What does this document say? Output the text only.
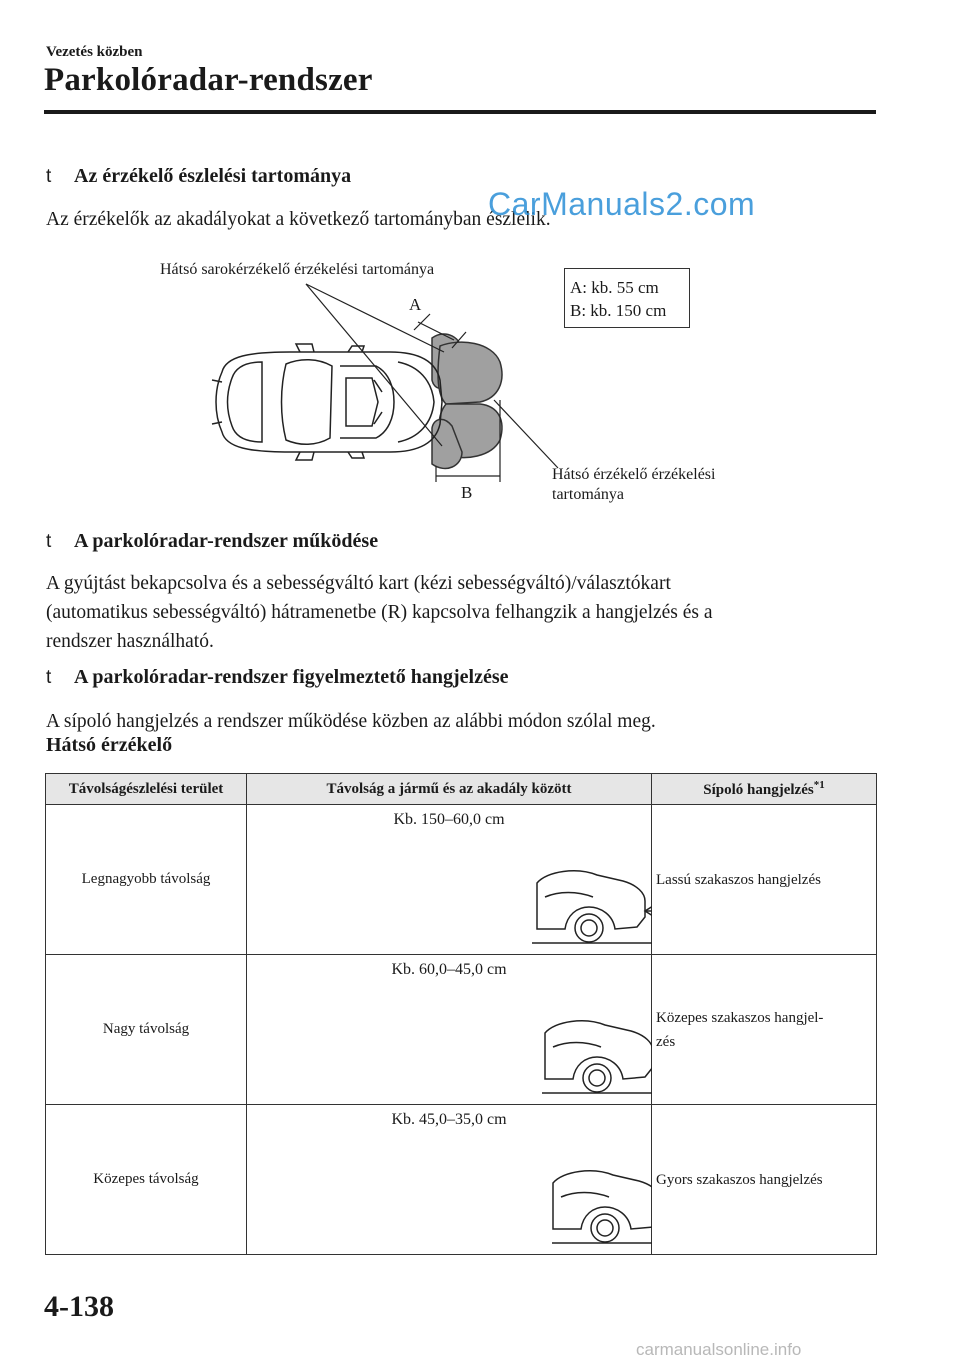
Vezetés közben
Parkolóradar-rendszer
t	Az érzékelő észlelési tartománya
Az érzékelők az akadályokat a következő tartományban észlelik.
CarManuals2.com
Hátsó sarokérzékelő érzékelési tartománya
A: kb. 55 cm
B: kb. 150 cm
A
B
Hátsó érzékelő érzékelési
tartománya
t	A parkolóradar-rendszer működése
A gyújtást bekapcsolva és a sebességváltó kart (kézi sebességváltó)/választókart
(automatikus sebességváltó) hátramenetbe (R) kapcsolva felhangzik a hangjelzés és a
rendszer használható.
t	A parkolóradar-rendszer figyelmeztető hangjelzése
A sípoló hangjelzés a rendszer működése közben az alábbi módon szólal meg.
Hátsó érzékelő
Távolságészlelési terület	Távolság a jármű és az akadály között	Sípoló hangjelzés$^{*1}$
Legnagyobb távolság	Kb. 150–60,0 cm	Lassú szakaszos hangjelzés

Nagy távolság	Kb. 60,0–45,0 cm	Közepes szakaszos hangjel-
zés

Közepes távolság	Kb. 45,0–35,0 cm	Gyors szakaszos hangjelzés
4-138
carmanualsonline.info
